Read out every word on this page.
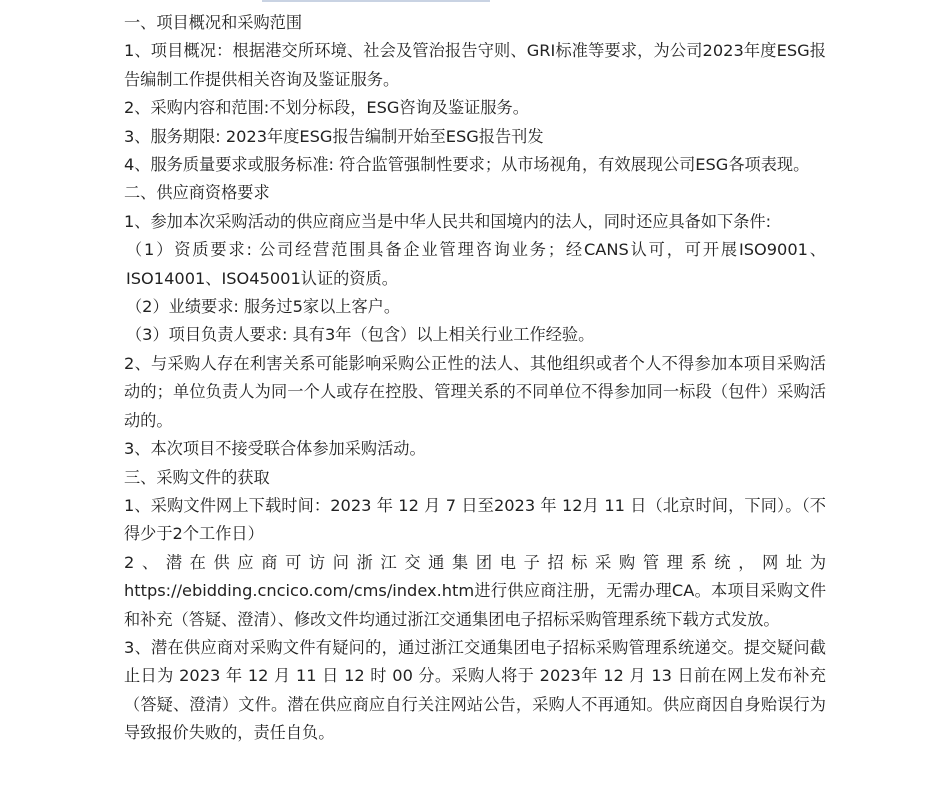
一、项目概况和采购范围

1、项目概况：根据港交所环境、社会及管治报告守则、GRI标准等要求，为公司2023年度ESG报告编制工作提供相关咨询及鉴证服务。

2、采购内容和范围:不划分标段，ESG咨询及鉴证服务。

3、服务期限: 2023年度ESG报告编制开始至ESG报告刊发

4、服务质量要求或服务标准: 符合监管强制性要求；从市场视角，有效展现公司ESG各项表现。

二、供应商资格要求

1、参加本次采购活动的供应商应当是中华人民共和国境内的法人，同时还应具备如下条件:

（1）资质要求: 公司经营范围具备企业管理咨询业务；经CANS认可，可开展ISO9001、ISO14001、ISO45001认证的资质。

（2）业绩要求: 服务过5家以上客户。

（3）项目负责人要求: 具有3年（包含）以上相关行业工作经验。

2、与采购人存在利害关系可能影响采购公正性的法人、其他组织或者个人不得参加本项目采购活动的；单位负责人为同一个人或存在控股、管理关系的不同单位不得参加同一标段（包件）采购活动的。

3、本次项目不接受联合体参加采购活动。

三、采购文件的获取

1、采购文件网上下载时间：2023 年 12 月 7 日至2023 年 12月 11 日（北京时间，下同）。（不得少于2个工作日）

2、潜在供应商可访问浙江交通集团电子招标采购管理系统，网址为https://ebidding.cncico.com/cms/index.htm进行供应商注册，无需办理CA。本项目采购文件和补充（答疑、澄清）、修改文件均通过浙江交通集团电子招标采购管理系统下载方式发放。

3、潜在供应商对采购文件有疑问的，通过浙江交通集团电子招标采购管理系统递交。提交疑问截止日为 2023 年 12 月 11 日 12 时 00 分。采购人将于 2023年 12 月 13 日前在网上发布补充（答疑、澄清）文件。潜在供应商应自行关注网站公告，采购人不再通知。供应商因自身贻误行为导致报价失败的，责任自负。
